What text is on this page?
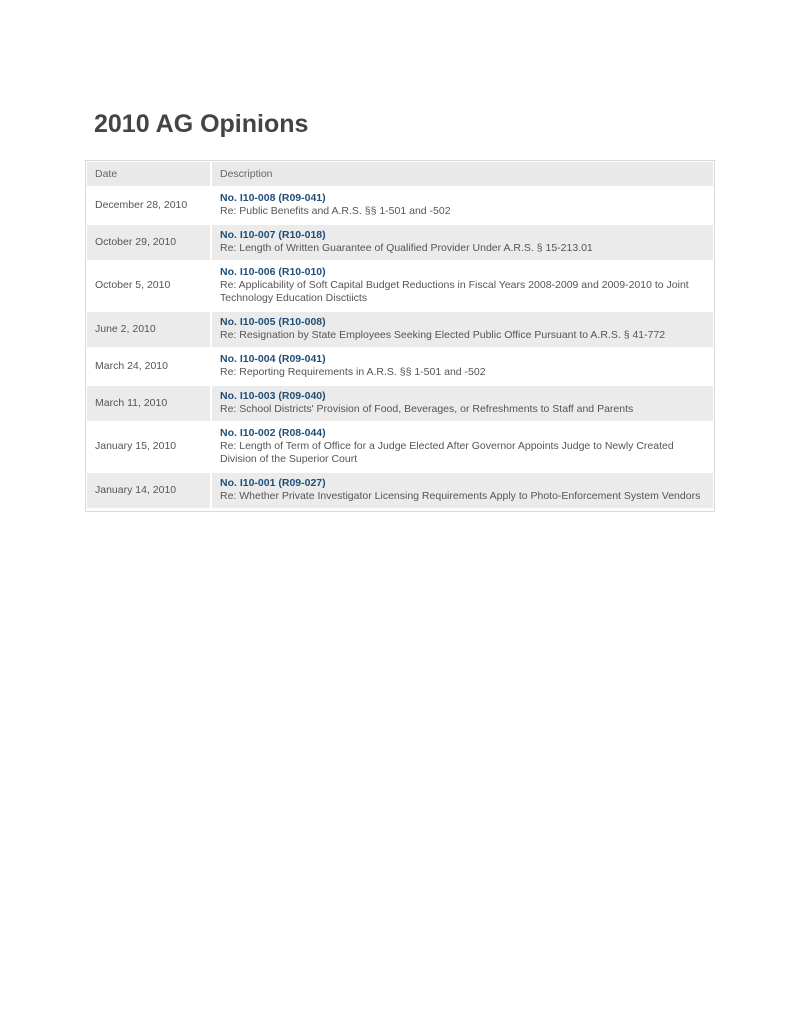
2010 AG Opinions
Date	Description
December 28, 2010	No. I10-008 (R09-041)
Re: Public Benefits and A.R.S. §§ 1-501 and -502

October 29, 2010	No. I10-007 (R10-018)
Re: Length of Written Guarantee of Qualified Provider Under A.R.S. § 15-213.01

October 5, 2010	No. I10-006 (R10-010)
Re: Applicability of Soft Capital Budget Reductions in Fiscal Years 2008-2009 and 2009-2010 to Joint Technology Education Disctiicts

June 2, 2010	No. I10-005 (R10-008)
Re: Resignation by State Employees Seeking Elected Public Office Pursuant to A.R.S. § 41-772

March 24, 2010	No. I10-004 (R09-041)
Re: Reporting Requirements in A.R.S. §§ 1-501 and -502

March 11, 2010	No. I10-003 (R09-040)
Re: School Districts' Provision of Food, Beverages, or Refreshments to Staff and Parents

January 15, 2010	No. I10-002 (R08-044)
Re: Length of Term of Office for a Judge Elected After Governor Appoints Judge to Newly Created Division of the Superior Court

January 14, 2010	No. I10-001 (R09-027)
Re: Whether Private Investigator Licensing Requirements Apply to Photo-Enforcement System Vendors
